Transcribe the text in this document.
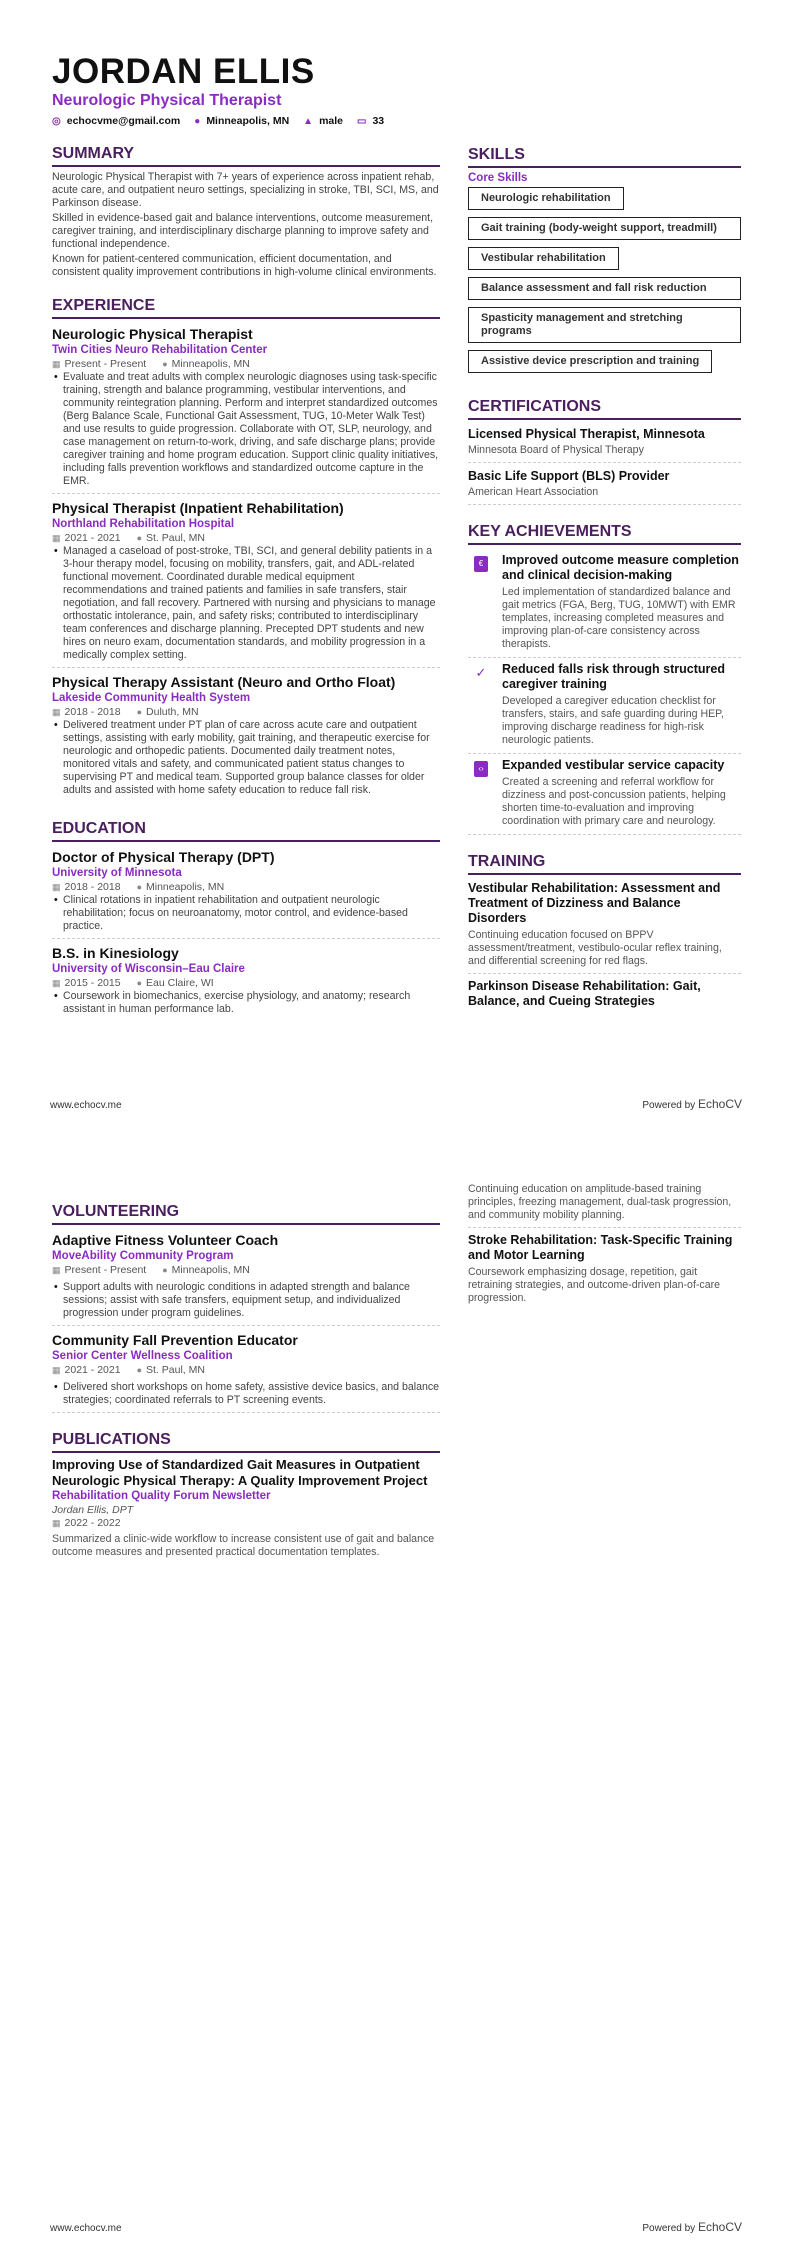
JORDAN ELLIS
Neurologic Physical Therapist
◎ echocvme@gmail.com ● Minneapolis, MN ▲ male ▭ 33
SUMMARY

Neurologic Physical Therapist with 7+ years of experience across inpatient rehab, acute care, and outpatient neuro settings, specializing in stroke, TBI, SCI, MS, and Parkinson disease.

Skilled in evidence-based gait and balance interventions, outcome measurement, caregiver training, and interdisciplinary discharge planning to improve safety and functional independence.

Known for patient-centered communication, efficient documentation, and consistent quality improvement contributions in high-volume clinical environments.

EXPERIENCE
Neurologic Physical Therapist
Twin Cities Neuro Rehabilitation Center
▦ Present - Present ● Minneapolis, MN
• Evaluate and treat adults with complex neurologic diagnoses using task-specific training, strength and balance programming, vestibular interventions, and community reintegration planning. Perform and interpret standardized outcomes (Berg Balance Scale, Functional Gait Assessment, TUG, 10-Meter Walk Test) and use results to guide progression. Collaborate with OT, SLP, neurology, and case management on return-to-work, driving, and safe discharge plans; provide caregiver training and home program education. Support clinic quality initiatives, including falls prevention workflows and standardized outcome capture in the EMR.
Physical Therapist (Inpatient Rehabilitation)
Northland Rehabilitation Hospital
▦ 2021 - 2021 ● St. Paul, MN
• Managed a caseload of post-stroke, TBI, SCI, and general debility patients in a 3-hour therapy model, focusing on mobility, transfers, gait, and ADL-related functional movement. Coordinated durable medical equipment recommendations and trained patients and families in safe transfers, stair negotiation, and fall recovery. Partnered with nursing and physicians to manage orthostatic intolerance, pain, and safety risks; contributed to interdisciplinary team conferences and discharge planning. Precepted DPT students and new hires on neuro exam, documentation standards, and mobility progression in a medically complex setting.
Physical Therapy Assistant (Neuro and Ortho Float)
Lakeside Community Health System
▦ 2018 - 2018 ● Duluth, MN
• Delivered treatment under PT plan of care across acute care and outpatient settings, assisting with early mobility, gait training, and therapeutic exercise for neurologic and orthopedic patients. Documented daily treatment notes, monitored vitals and safety, and communicated patient status changes to supervising PT and medical team. Supported group balance classes for older adults and assisted with home safety education to reduce fall risk.
EDUCATION
Doctor of Physical Therapy (DPT)
University of Minnesota
▦ 2018 - 2018 ● Minneapolis, MN
• Clinical rotations in inpatient rehabilitation and outpatient neurologic rehabilitation; focus on neuroanatomy, motor control, and evidence-based practice.
B.S. in Kinesiology
University of Wisconsin–Eau Claire
▦ 2015 - 2015 ● Eau Claire, WI
• Coursework in biomechanics, exercise physiology, and anatomy; research assistant in human performance lab.
SKILLS
Core Skills
Neurologic rehabilitation
Gait training (body-weight support, treadmill)
Vestibular rehabilitation
Balance assessment and fall risk reduction
Spasticity management and stretching programs
Assistive device prescription and training
CERTIFICATIONS
Licensed Physical Therapist, Minnesota
Minnesota Board of Physical Therapy
Basic Life Support (BLS) Provider
American Heart Association
KEY ACHIEVEMENTS
€	Improved outcome measure completion and clinical decision-making
Led implementation of standardized balance and gait metrics (FGA, Berg, TUG, 10MWT) with EMR templates, increasing completed measures and improving plan-of-care consistency across therapists.
✓ Reduced falls risk through structured caregiver training
Developed a caregiver education checklist for transfers, stairs, and safe guarding during HEP, improving discharge readiness for high-risk neurologic patients.
‹›	Expanded vestibular service capacity
Created a screening and referral workflow for dizziness and post-concussion patients, helping shorten time-to-evaluation and improving coordination with primary care and neurology.
TRAINING
Vestibular Rehabilitation: Assessment and Treatment of Dizziness and Balance Disorders
Continuing education focused on BPPV assessment/treatment, vestibulo-ocular reflex training, and differential screening for red flags.
Parkinson Disease Rehabilitation: Gait, Balance, and Cueing Strategies
www.echocv.me	Powered by EchoCV
VOLUNTEERING
Adaptive Fitness Volunteer Coach
MoveAbility Community Program
▦ Present - Present ● Minneapolis, MN
• Support adults with neurologic conditions in adapted strength and balance sessions; assist with safe transfers, equipment setup, and individualized progression under program guidelines.
Community Fall Prevention Educator
Senior Center Wellness Coalition
▦ 2021 - 2021 ● St. Paul, MN
• Delivered short workshops on home safety, assistive device basics, and balance strategies; coordinated referrals to PT screening events.
PUBLICATIONS
Improving Use of Standardized Gait Measures in Outpatient Neurologic Physical Therapy: A Quality Improvement Project
Rehabilitation Quality Forum Newsletter
Jordan Ellis, DPT
▦ 2022 - 2022
Summarized a clinic-wide workflow to increase consistent use of gait and balance outcome measures and presented practical documentation templates.
Continuing education on amplitude-based training principles, freezing management, dual-task progression, and community mobility planning.
Stroke Rehabilitation: Task-Specific Training and Motor Learning
Coursework emphasizing dosage, repetition, gait retraining strategies, and outcome-driven plan-of-care progression.
www.echocv.me	Powered by EchoCV
